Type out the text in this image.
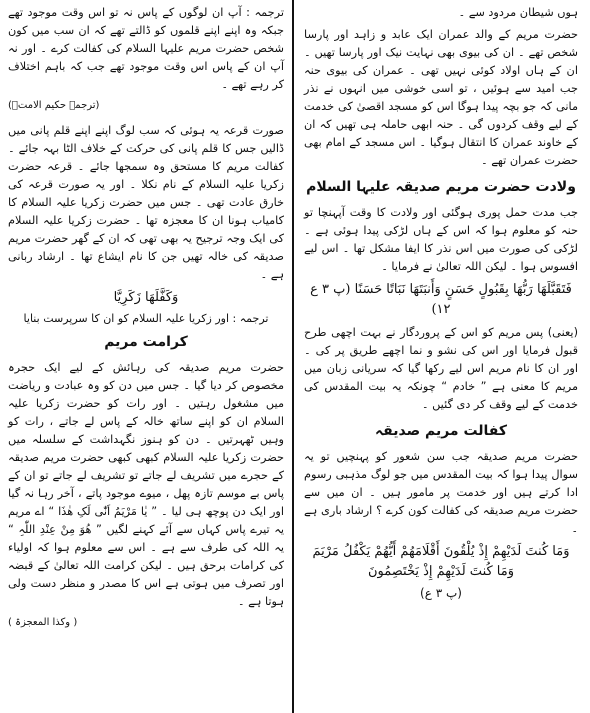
ہوں شیطان مردود سے ۔

حضرت مریم کے والد عمران ایک عابد و زاہد اور پارسا شخص تھے ۔ ان کی بیوی بھی نہایت نیک اور پارسا تھیں ۔ ان کے ہاں اولاد کوئی نہیں تھی ۔ عمران کی بیوی حنہ جب امید سے ہوئیں ، تو اسی خوشی میں انہوں نے نذر مانی کہ جو بچہ پیدا ہوگا اس کو مسجد اقصیٰ کی خدمت کے لیے وقف کردوں گی ۔ حنہ ابھی حاملہ ہی تھیں کہ ان کے خاوند عمران کا انتقال ہوگیا ۔ اس مسجد کے امام بھی حضرت عمران تھے ۔

ولادت حضرت مریم صدیقہ علیہا السلام

جب مدت حمل پوری ہوگئی اور ولادت کا وقت آپہنچا تو حنہ کو معلوم ہوا کہ اس کے ہاں لڑکی پیدا ہوئی ہے ۔ لڑکی کی صورت میں اس نذر کا ایفا مشکل تھا ۔ اس لیے افسوس ہوا ۔ لیکن اللہ تعالیٰ نے فرمایا ۔

فَتَقَبَّلَهَا رَبُّهَا بِقَبُولٍ حَسَنٍ وَأَنبَتَهَا نَبَاتًا حَسَنًا (پ ۳ ع ۱۲)

(یعنی) پس مریم کو اس کے پروردگار نے بہت اچھی طرح قبول فرمایا اور اس کی نشو و نما اچھے طریق پر کی ۔ اور ان کا نام مریم اس لیے رکھا گیا کہ سریانی زبان میں مریم کا معنی ہے ” خادم “ چونکہ یہ بیت المقدس کی خدمت کے لیے وقف کر دی گئیں ۔

کفالت مریم صدیقہ

حضرت مریم صدیقہ جب سن شعور کو پہنچیں تو یہ سوال پیدا ہوا کہ بیت المقدس میں جو لوگ مذہبی رسوم ادا کرتے ہیں اور خدمت پر مامور ہیں ۔ ان میں سے حضرت مریم صدیقہ کی کفالت کون کرے ؟ ارشاد باری ہے ۔

وَمَا كُنتَ لَدَيْهِمْ إِذْ يُلْقُونَ أَقْلَامَهُمْ أَيُّهُمْ يَكْفُلُ مَرْيَمَ وَمَا كُنتَ لَدَيْهِمْ إِذْ يَخْتَصِمُونَ
(پ ۳ ع)

ترجمہ : آپ ان لوگوں کے پاس نہ تو اس وقت موجود تھے جبکہ وہ اپنے اپنے قلموں کو ڈالتے تھے کہ ان سب میں کون شخص حضرت مریم علیہا السلام کی کفالت کرے ۔ اور نہ آپ ان کے پاس اس وقت موجود تھے جب کہ باہم اختلاف کر رہے تھے ۔

(ترجمہ حکیم الامتؒ)

صورت قرعہ یہ ہوئی کہ سب لوگ اپنے اپنے قلم پانی میں ڈالیں جس کا قلم پانی کی حرکت کے خلاف الٹا بہہ جائے ۔ کفالت مریم کا مستحق وہ سمجھا جائے ۔ قرعہ حضرت زکریا علیہ السلام کے نام نکلا ۔ اور یہ صورت قرعہ کی خارق عادت تھی ۔ جس میں حضرت زکریا علیہ السلام کا کامیاب ہونا ان کا معجزہ تھا ۔ حضرت زکریا علیہ السلام کی ایک وجہ ترجیح یہ بھی تھی کہ ان کے گھر حضرت مریم صدیقہ کی خالہ تھیں جن کا نام ایشاع تھا ۔ ارشاد ربانی ہے ۔

وَكَفَّلَهَا زَكَرِيَّا
ترجمہ : اور زکریا علیہ السلام کو ان کا سرپرست بنایا
کرامت مریم

حضرت مریم صدیقہ کی رہائش کے لیے ایک حجرہ مخصوص کر دیا گیا ۔ جس میں دن کو وہ عبادت و ریاضت میں مشغول رہتیں ۔ اور رات کو حضرت زکریا علیہ السلام ان کو اپنے ساتھ خالہ کے پاس لے جاتے ، رات کو وہیں ٹھہرتیں ۔ دن کو ہنوز نگہداشت کے سلسلہ میں حضرت زکریا علیہ السلام کبھی کبھی حضرت مریم صدیقہ کے حجرے میں تشریف لے جاتے تو تشریف لے جاتے تو ان کے پاس بے موسم تازہ پھل ، میوے موجود پاتے ، آخر رہا نہ گیا اور ایک دن پوچھ ہی لیا ۔ ” یٰا مَرْیَمُ اَنّٰی لَکِ ھٰذَا “ اے مریم یہ تیرے پاس کہاں سے آئے کہنے لگیں ” ھُوَ مِنْ عِنْدِ اللّٰہِ “ یہ اللہ کی طرف سے ہے ۔ اس سے معلوم ہوا کہ اولیاء کی کرامات برحق ہیں ۔ لیکن کرامت اللہ تعالیٰ کے قبضہ اور تصرف میں ہوتی ہے اس کا مصدر و منظر دست ولی ہوتا ہے ۔

( وکذا المعجزۃ )
